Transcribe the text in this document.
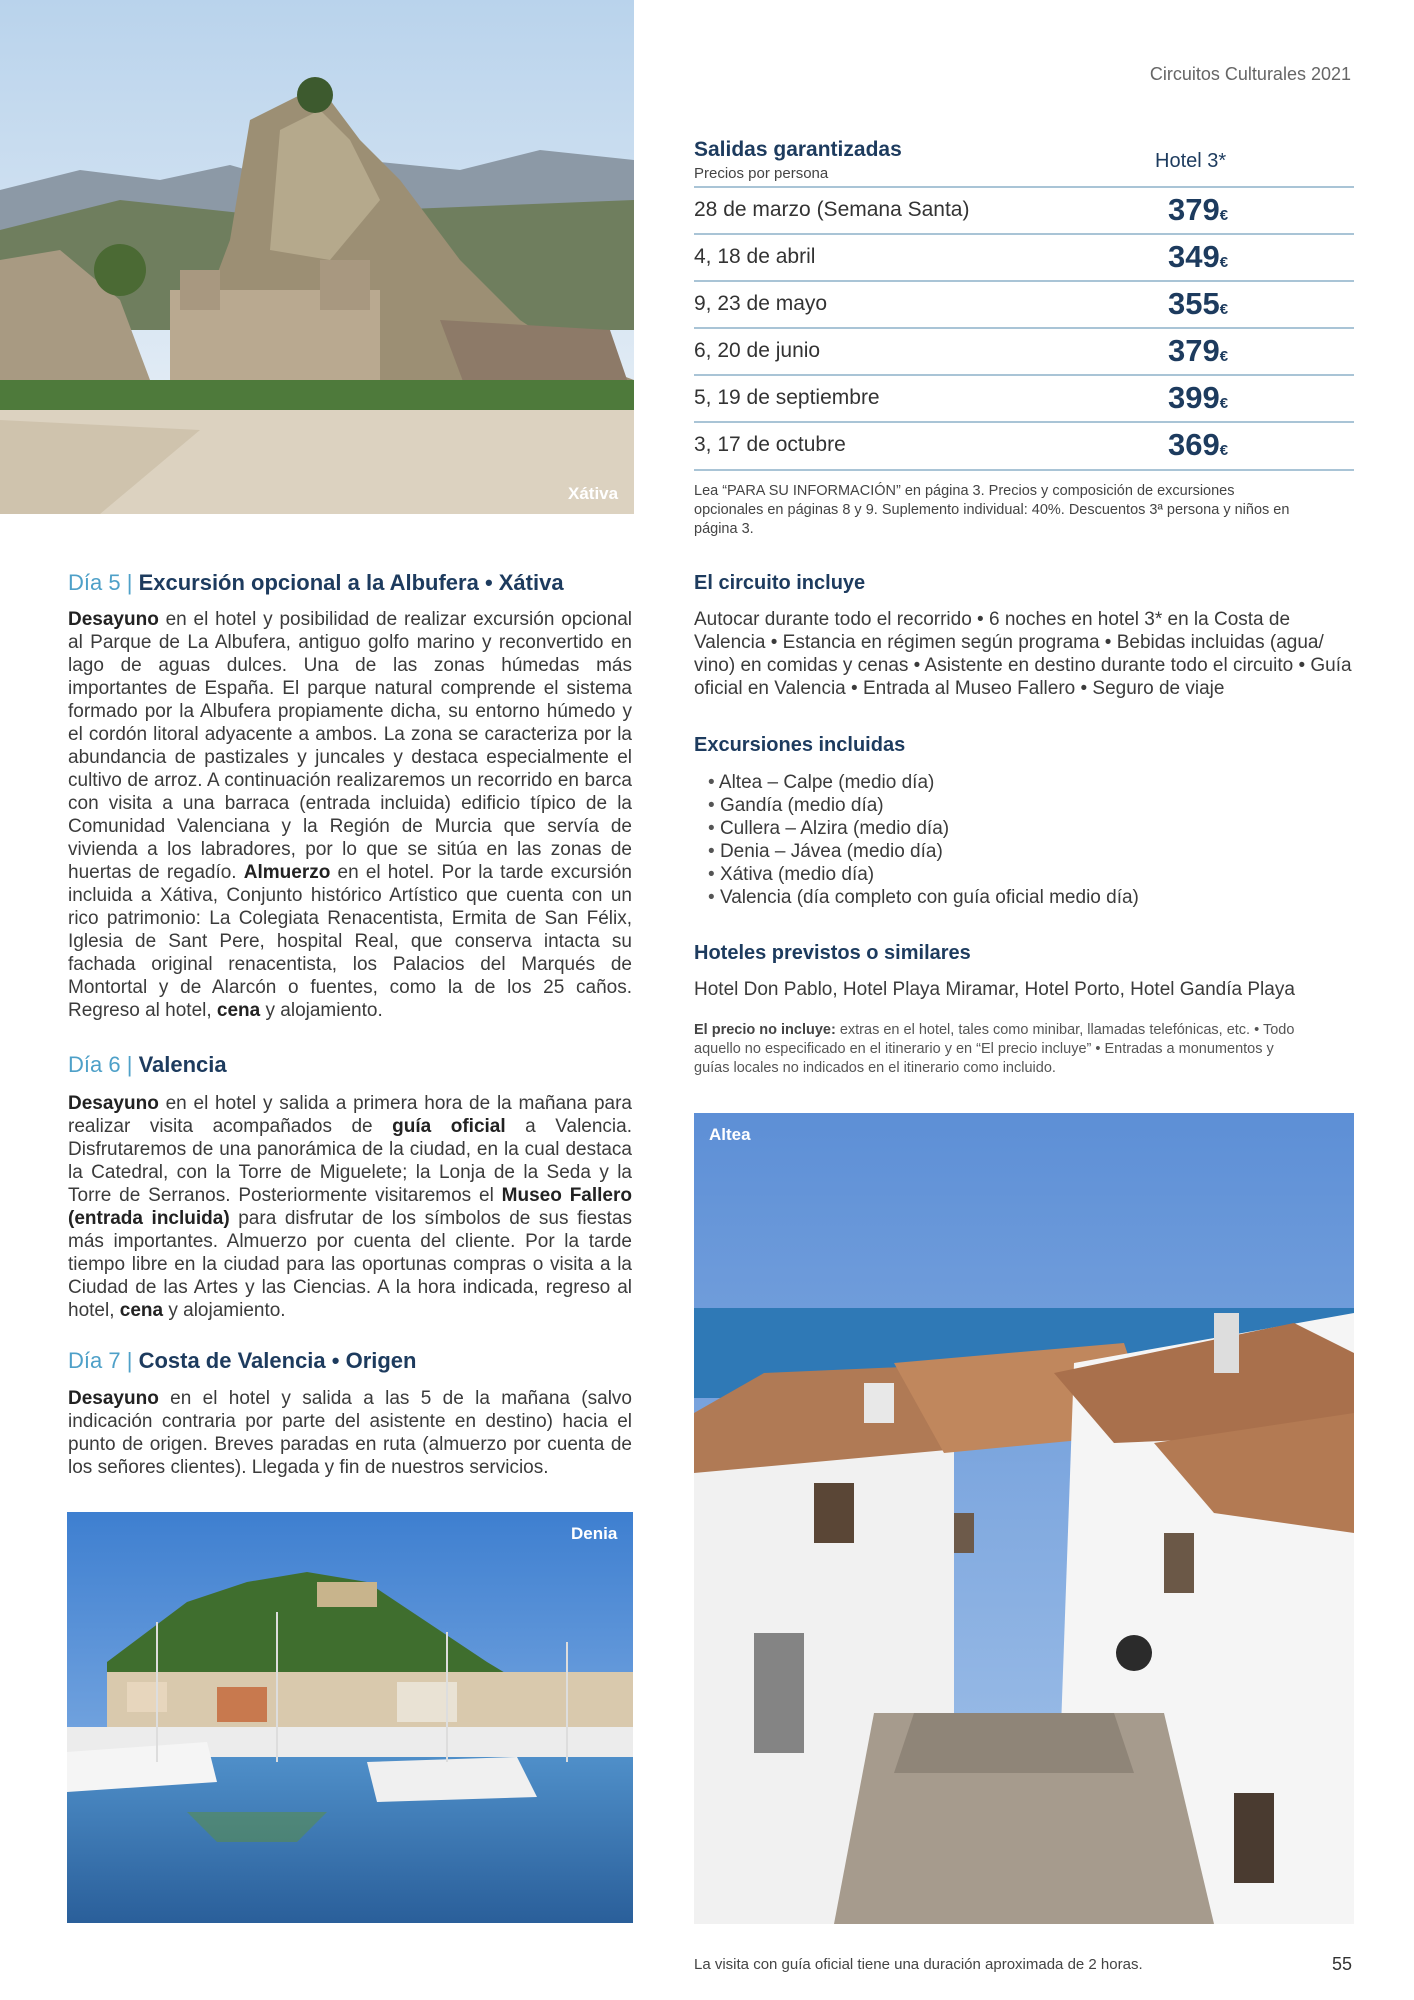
Circuitos Culturales 2021
Xátiva
Salidas garantizadas
Precios por persona
Hotel 3*
28 de marzo (Semana Santa)	379€
4, 18 de abril	349€
9, 23 de mayo	355€
6, 20 de junio	379€
5, 19 de septiembre	399€
3, 17 de octubre	369€
Lea “PARA SU INFORMACIÓN” en página 3. Precios y composición de excursiones opcionales en páginas 8 y 9. Suplemento individual: 40%. Descuentos 3ª persona y niños en página 3.
El circuito incluye
Autocar durante todo el recorrido • 6 noches en hotel 3* en la Costa de Valencia • Estancia en régimen según programa • Bebidas incluidas (agua/ vino) en comidas y cenas • Asistente en destino durante todo el circuito • Guía oficial en Valencia • Entrada al Museo Fallero • Seguro de viaje
Excursiones incluidas
• Altea – Calpe (medio día)
• Gandía (medio día)
• Cullera – Alzira (medio día)
• Denia – Jávea (medio día)
• Xátiva (medio día)
• Valencia (día completo con guía oficial medio día)
Hoteles previstos o similares
Hotel Don Pablo, Hotel Playa Miramar, Hotel Porto, Hotel Gandía Playa
El precio no incluye: extras en el hotel, tales como minibar, llamadas telefónicas, etc. • Todo aquello no especificado en el itinerario y en “El precio incluye” • Entradas a monumentos y guías locales no indicados en el itinerario como incluido.
Altea
Día 5 | Excursión opcional a la Albufera • Xátiva
Desayuno en el hotel y posibilidad de realizar excursión opcional al Parque de La Albufera, antiguo golfo marino y reconvertido en lago de aguas dulces. Una de las zonas húmedas más importantes de España. El parque natural comprende el sistema formado por la Albufera propiamente dicha, su entorno húmedo y el cordón litoral adyacente a ambos. La zona se caracteriza por la abundancia de pastizales y juncales y destaca especialmente el cultivo de arroz. A continuación realizaremos un recorrido en barca con visita a una barraca (entrada incluida) edificio típico de la Comunidad Valenciana y la Región de Murcia que servía de vivienda a los labradores, por lo que se sitúa en las zonas de huertas de regadío. Almuerzo en el hotel. Por la tarde excursión incluida a Xátiva, Conjunto histórico Artístico que cuenta con un rico patrimonio: La Colegiata Renacentista, Ermita de San Félix, Iglesia de Sant Pere, hospital Real, que conserva intacta su fachada original renacentista, los Palacios del Marqués de Montortal y de Alarcón o fuentes, como la de los 25 caños. Regreso al hotel, cena y alojamiento.
Día 6 | Valencia
Desayuno en el hotel y salida a primera hora de la mañana para realizar visita acompañados de guía oficial a Valencia. Disfrutaremos de una panorámica de la ciudad, en la cual destaca la Catedral, con la Torre de Miguelete; la Lonja de la Seda y la Torre de Serranos. Posteriormente visitaremos el Museo Fallero (entrada incluida) para disfrutar de los símbolos de sus fiestas más importantes. Almuerzo por cuenta del cliente. Por la tarde tiempo libre en la ciudad para las oportunas compras o visita a la Ciudad de las Artes y las Ciencias. A la hora indicada, regreso al hotel, cena y alojamiento.
Día 7 | Costa de Valencia • Origen
Desayuno en el hotel y salida a las 5 de la mañana (salvo indicación contraria por parte del asistente en destino) hacia el punto de origen. Breves paradas en ruta (almuerzo por cuenta de los señores clientes). Llegada y fin de nuestros servicios.
Denia
La visita con guía oficial tiene una duración aproximada de 2 horas.	55
